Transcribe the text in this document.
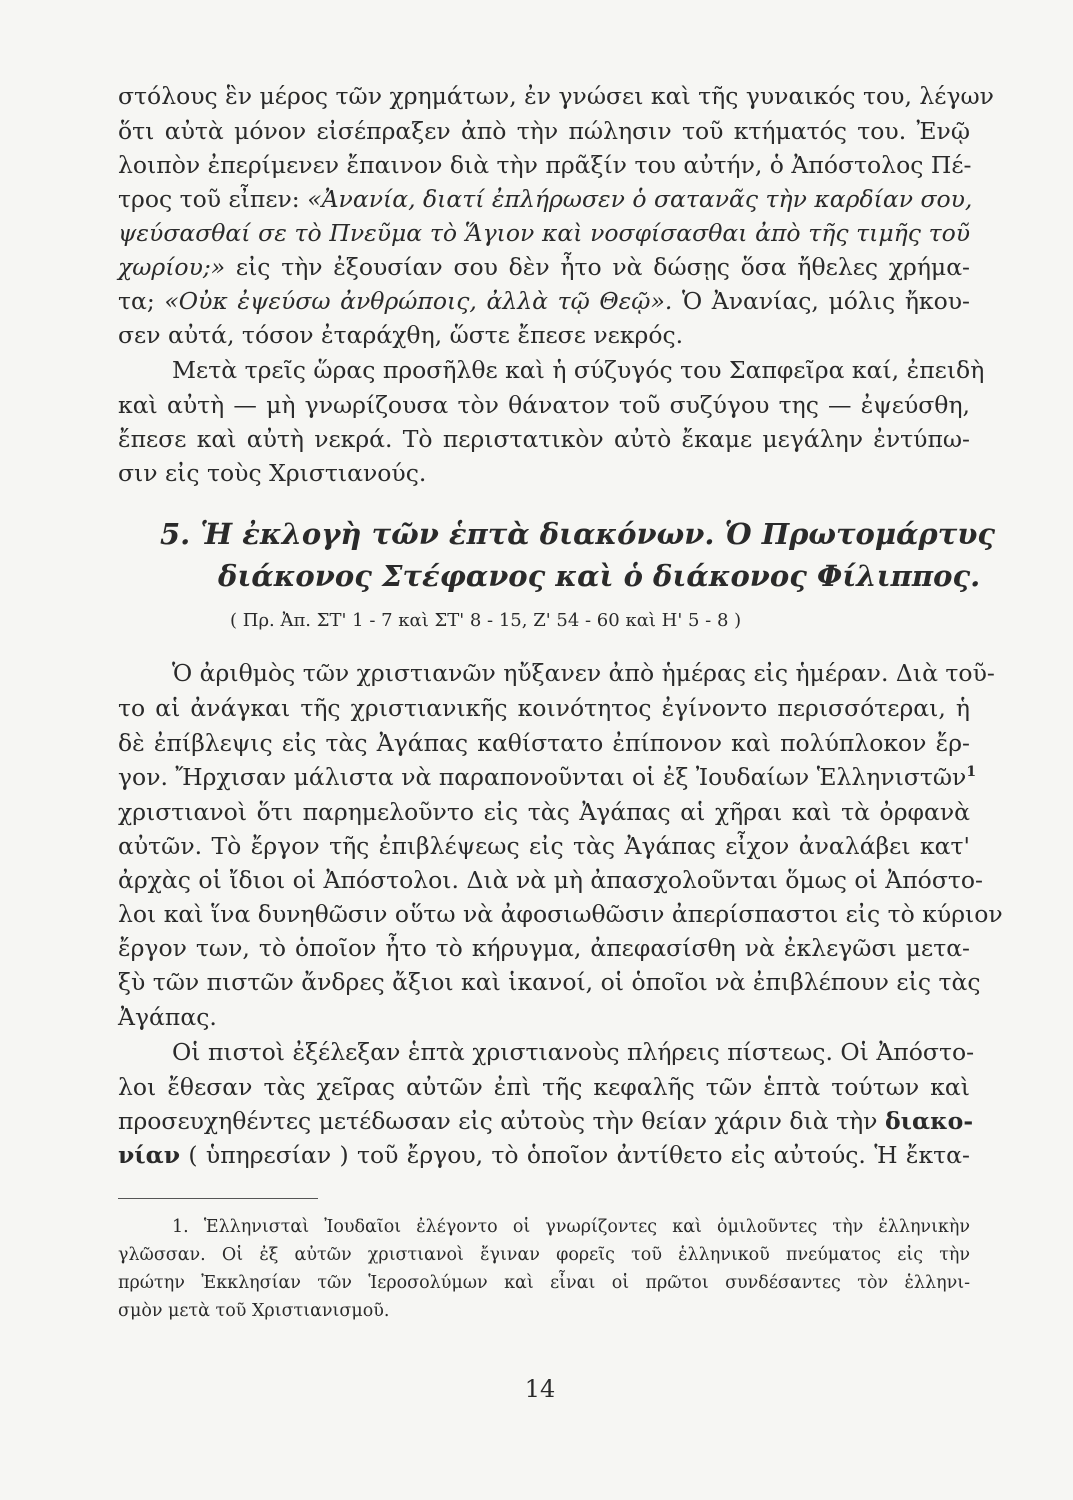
στόλους ἓν μέρος τῶν χρημάτων, ἐν γνώσει καὶ τῆς γυναικός του, λέγων
ὅτι αὐτὰ μόνον εἰσέπραξεν ἀπὸ τὴν πώλησιν τοῦ κτήματός του. Ἐνῷ
λοιπὸν ἐπερίμενεν ἔπαινον διὰ τὴν πρᾶξίν του αὐτήν, ὁ Ἀπόστολος Πέ-
τρος τοῦ εἶπεν: «Ἀνανία, διατί ἐπλήρωσεν ὁ σατανᾶς τὴν καρδίαν σου,
ψεύσασθαί σε τὸ Πνεῦμα τὸ Ἅγιον καὶ νοσφίσασθαι ἀπὸ τῆς τιμῆς τοῦ
χωρίου;» εἰς τὴν ἐξουσίαν σου δὲν ἦτο νὰ δώσῃς ὅσα ἤθελες χρήμα-
τα; «Οὐκ ἐψεύσω ἀνθρώποις, ἀλλὰ τῷ Θεῷ». Ὁ Ἀνανίας, μόλις ἤκου-
σεν αὐτά, τόσον ἐταράχθη, ὥστε ἔπεσε νεκρός.
Μετὰ τρεῖς ὥρας προσῆλθε καὶ ἡ σύζυγός του Σαπφεῖρα καί, ἐπειδὴ
καὶ αὐτὴ — μὴ γνωρίζουσα τὸν θάνατον τοῦ συζύγου της — ἐψεύσθη,
ἔπεσε καὶ αὐτὴ νεκρά. Τὸ περιστατικὸν αὐτὸ ἔκαμε μεγάλην ἐντύπω-
σιν εἰς τοὺς Χριστιανούς.
5. Ἡ ἐκλογὴ τῶν ἑπτὰ διακόνων. Ὁ Πρωτομάρτυς
διάκονος Στέφανος καὶ ὁ διάκονος Φίλιππος.
( Πρ. Ἀπ. ΣΤ' 1 - 7 καὶ ΣΤ' 8 - 15, Ζ' 54 - 60 καὶ Η' 5 - 8 )
Ὁ ἀριθμὸς τῶν χριστιανῶν ηὔξανεν ἀπὸ ἡμέρας εἰς ἡμέραν. Διὰ τοῦ-
το αἱ ἀνάγκαι τῆς χριστιανικῆς κοινότητος ἐγίνοντο περισσότεραι, ἡ
δὲ ἐπίβλεψις εἰς τὰς Ἀγάπας καθίστατο ἐπίπονον καὶ πολύπλοκον ἔρ-
γον. Ἤρχισαν μάλιστα νὰ παραπονοῦνται οἱ ἐξ Ἰουδαίων Ἑλληνιστῶν$^1$
χριστιανοὶ ὅτι παρημελοῦντο εἰς τὰς Ἀγάπας αἱ χῆραι καὶ τὰ ὀρφανὰ
αὐτῶν. Τὸ ἔργον τῆς ἐπιβλέψεως εἰς τὰς Ἀγάπας εἶχον ἀναλάβει κατ'
ἀρχὰς οἱ ἴδιοι οἱ Ἀπόστολοι. Διὰ νὰ μὴ ἀπασχολοῦνται ὅμως οἱ Ἀπόστο-
λοι καὶ ἵνα δυνηθῶσιν οὕτω νὰ ἀφοσιωθῶσιν ἀπερίσπαστοι εἰς τὸ κύριον
ἔργον των, τὸ ὁποῖον ἦτο τὸ κήρυγμα, ἀπεφασίσθη νὰ ἐκλεγῶσι μετα-
ξὺ τῶν πιστῶν ἄνδρες ἄξιοι καὶ ἱκανοί, οἱ ὁποῖοι νὰ ἐπιβλέπουν εἰς τὰς
Ἀγάπας.
Οἱ πιστοὶ ἐξέλεξαν ἑπτὰ χριστιανοὺς πλήρεις πίστεως. Οἱ Ἀπόστο-
λοι ἔθεσαν τὰς χεῖρας αὐτῶν ἐπὶ τῆς κεφαλῆς τῶν ἑπτὰ τούτων καὶ
προσευχηθέντες μετέδωσαν εἰς αὐτοὺς τὴν θείαν χάριν διὰ τὴν διακο-
νίαν ( ὑπηρεσίαν ) τοῦ ἔργου, τὸ ὁποῖον ἀντίθετο εἰς αὐτούς. Ἡ ἔκτα-
1. Ἑλληνισταὶ Ἰουδαῖοι ἐλέγοντο οἱ γνωρίζοντες καὶ ὁμιλοῦντες τὴν ἑλληνικὴν
γλῶσσαν. Οἱ ἐξ αὐτῶν χριστιανοὶ ἔγιναν φορεῖς τοῦ ἑλληνικοῦ πνεύματος εἰς τὴν
πρώτην Ἐκκλησίαν τῶν Ἱεροσολύμων καὶ εἶναι οἱ πρῶτοι συνδέσαντες τὸν ἑλληνι-
σμὸν μετὰ τοῦ Χριστιανισμοῦ.
14
